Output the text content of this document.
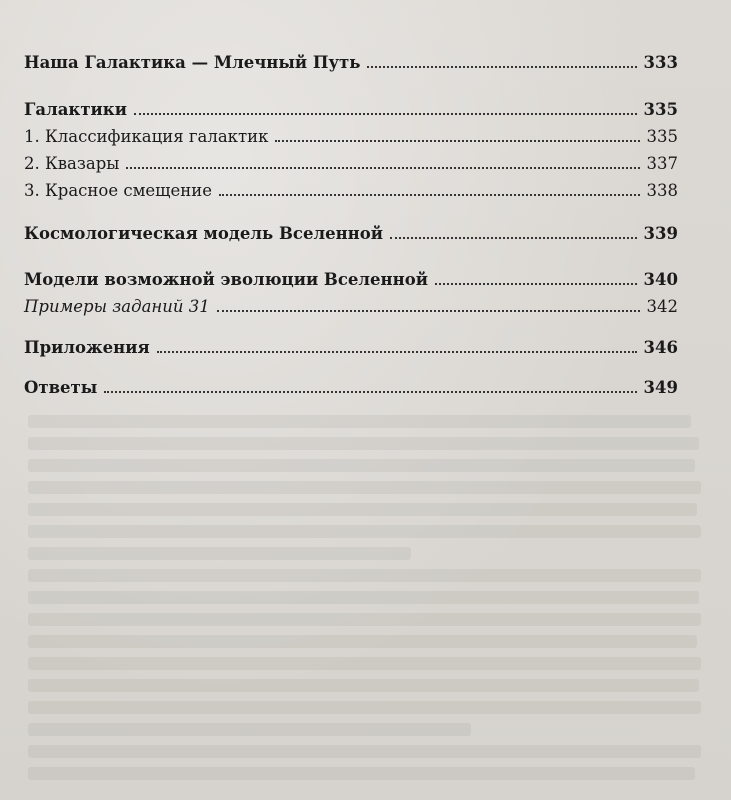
Наша Галактика — Млечный Путь	333
Галактики	335
1. Классификация галактик	335
2. Квазары	337
3. Красное смещение	338
Космологическая модель Вселенной	339
Модели возможной эволюции Вселенной	340
Примеры заданий 31	342
Приложения	346
Ответы	349
